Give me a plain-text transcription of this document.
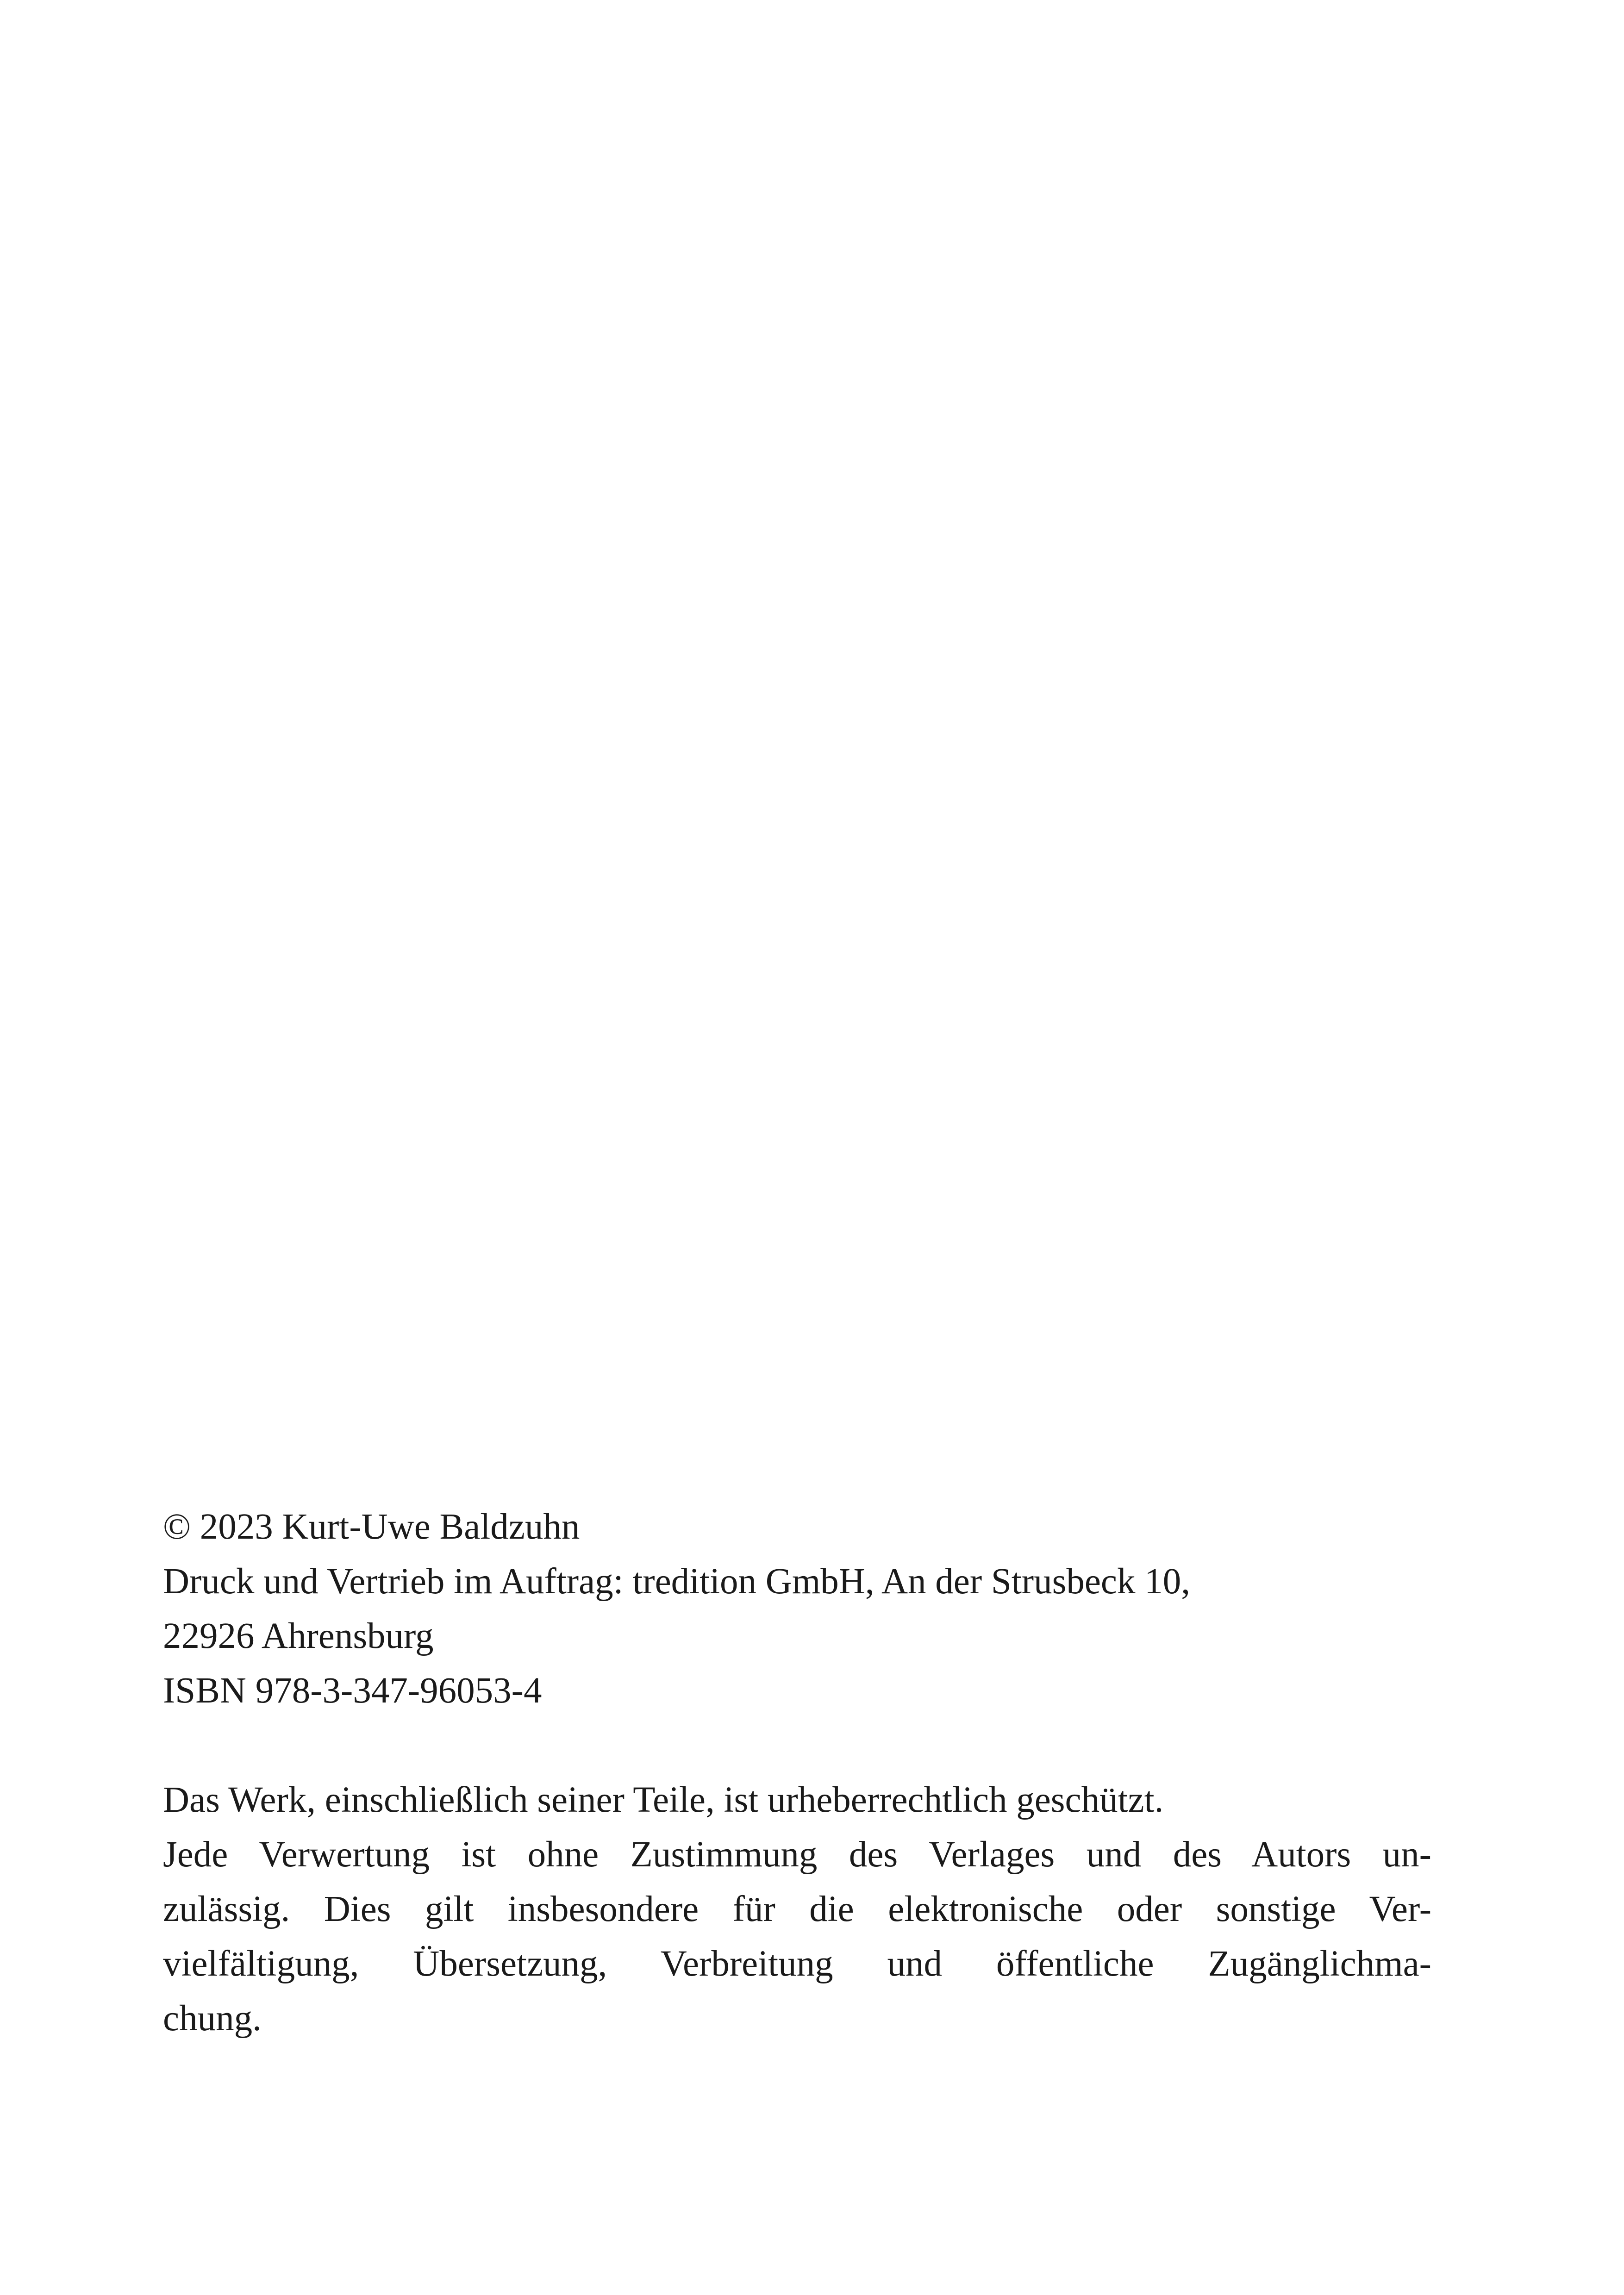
© 2023 Kurt-Uwe Baldzuhn
Druck und Vertrieb im Auftrag: tredition GmbH, An der Strusbeck 10,
22926 Ahrensburg
ISBN 978-3-347-96053-4
Das Werk, einschließlich seiner Teile, ist urheberrechtlich geschützt.
Jede Verwertung ist ohne Zustimmung des Verlages und des Autors un-
zulässig. Dies gilt insbesondere für die elektronische oder sonstige Ver-
vielfältigung, Übersetzung, Verbreitung und öffentliche Zugänglichma-
chung.
